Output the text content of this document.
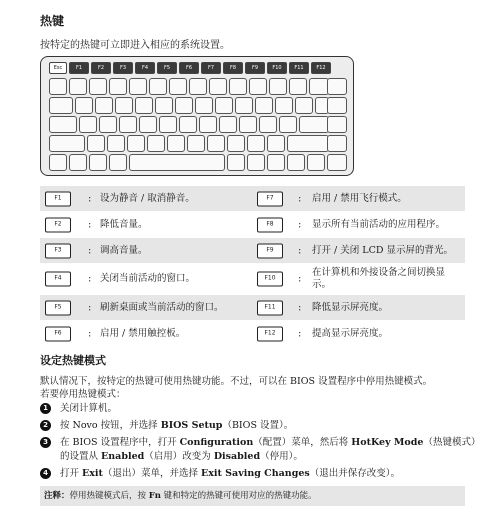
热键
按特定的热键可立即进入相应的系统设置。
Esc	F1	F2	F3	F4	F5	F6	F7	F8	F9	F10	F11	F12
F1	: 设为静音 / 取消静音。	F7	: 启用 / 禁用飞行模式。
F2	: 降低音量。	F8	: 显示所有当前活动的应用程序。
F3	: 调高音量。	F9	: 打开 / 关闭 LCD 显示屏的背光。
F4	: 关闭当前活动的窗口。	F10	:
在计算机和外接设备之间切换显示。
F5	: 刷新桌面或当前活动的窗口。	F11	: 降低显示屏亮度。
F6	: 启用 / 禁用触控板。	F12	: 提高显示屏亮度。
设定热键模式
默认情况下，按特定的热键可使用热键功能。不过，可以在 BIOS 设置程序中停用热键模式。
若要停用热键模式：
1	关闭计算机。
2	按 Novo 按钮，并选择 BIOS Setup（BIOS 设置）。
3	在 BIOS 设置程序中，打开 Configuration（配置）菜单，然后将 HotKey Mode（热键模式）的设置从 Enabled（启用）改变为 Disabled（停用）。
4	打开 Exit（退出）菜单，并选择 Exit Saving Changes（退出并保存改变）。
注释：停用热键模式后，按 Fn 键和特定的热键可使用对应的热键功能。
